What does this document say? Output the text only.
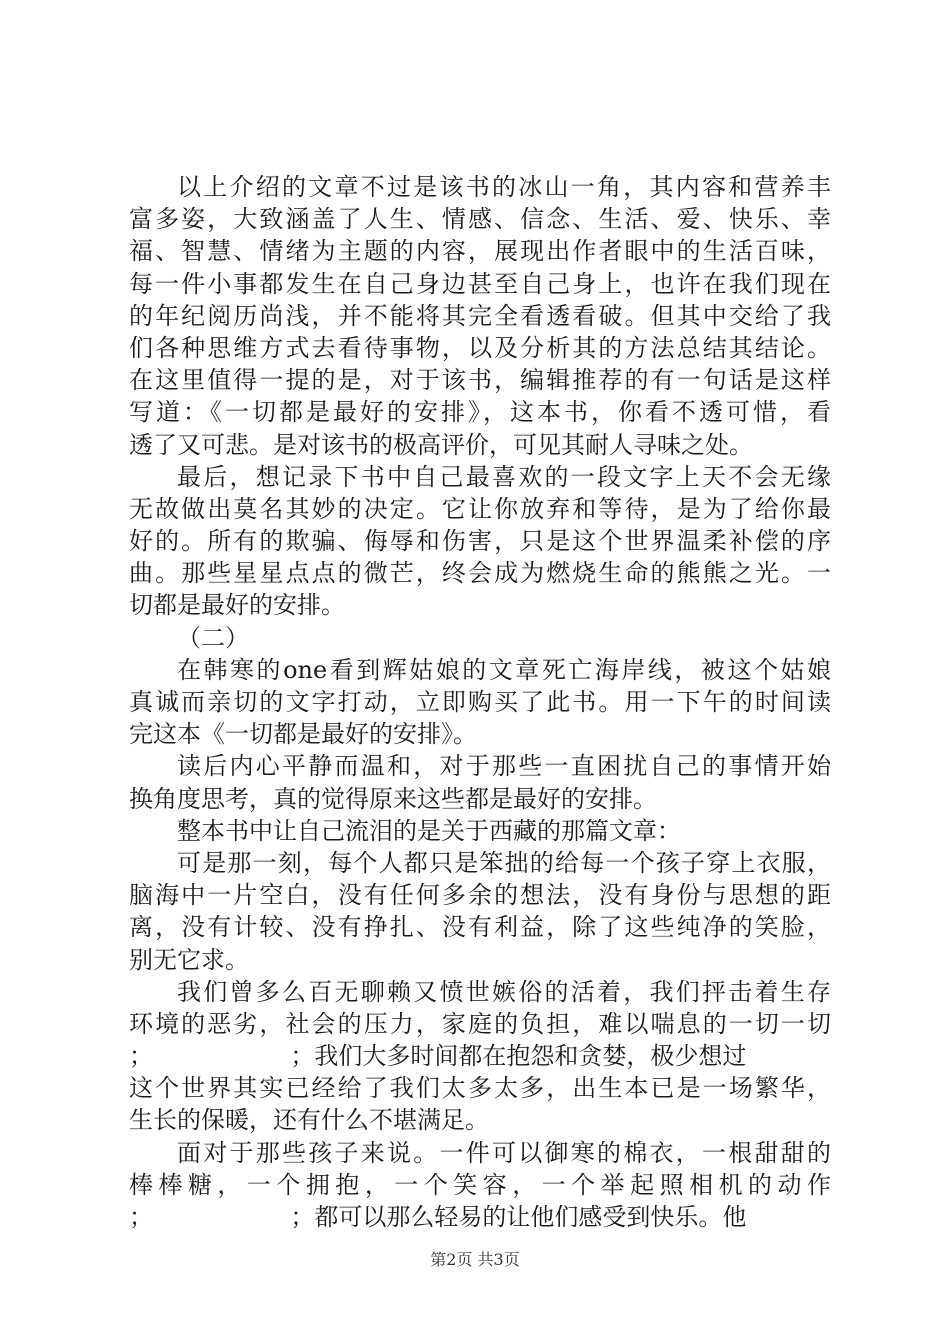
以上介绍的文章不过是该书的冰山一角，其内容和营养丰
富多姿，大致涵盖了人生、情感、信念、生活、爱、快乐、幸
福、智慧、情绪为主题的内容，展现出作者眼中的生活百味，
每一件小事都发生在自己身边甚至自己身上，也许在我们现在
的年纪阅历尚浅，并不能将其完全看透看破。但其中交给了我
们各种思维方式去看待事物，以及分析其的方法总结其结论。
在这里值得一提的是，对于该书，编辑推荐的有一句话是这样
写道：《一切都是最好的安排》，这本书，你看不透可惜，看
透了又可悲。是对该书的极高评价，可见其耐人寻味之处。
最后，想记录下书中自己最喜欢的一段文字上天不会无缘
无故做出莫名其妙的决定。它让你放弃和等待，是为了给你最
好的。所有的欺骗、侮辱和伤害，只是这个世界温柔补偿的序
曲。那些星星点点的微芒，终会成为燃烧生命的熊熊之光。一
切都是最好的安排。
（二）
在韩寒的one看到辉姑娘的文章死亡海岸线，被这个姑娘
真诚而亲切的文字打动，立即购买了此书。用一下午的时间读
完这本《一切都是最好的安排》。
读后内心平静而温和，对于那些一直困扰自己的事情开始
换角度思考，真的觉得原来这些都是最好的安排。
整本书中让自己流泪的是关于西藏的那篇文章：
可是那一刻，每个人都只是笨拙的给每一个孩子穿上衣服，
脑海中一片空白，没有任何多余的想法，没有身份与思想的距
离，没有计较、没有挣扎、没有利益，除了这些纯净的笑脸，
别无它求。
我们曾多么百无聊赖又愤世嫉俗的活着，我们抨击着生存
环境的恶劣，社会的压力，家庭的负担，难以喘息的一切一切
；                  ；我们大多时间都在抱怨和贪婪，极少想过
这个世界其实已经给了我们太多太多，出生本已是一场繁华，
生长的保暖，还有什么不堪满足。
面对于那些孩子来说。一件可以御寒的棉衣，一根甜甜的
棒棒糖，一个拥抱，一个笑容，一个举起照相机的动作
；                  ；都可以那么轻易的让他们感受到快乐。他
第2页 共3页
